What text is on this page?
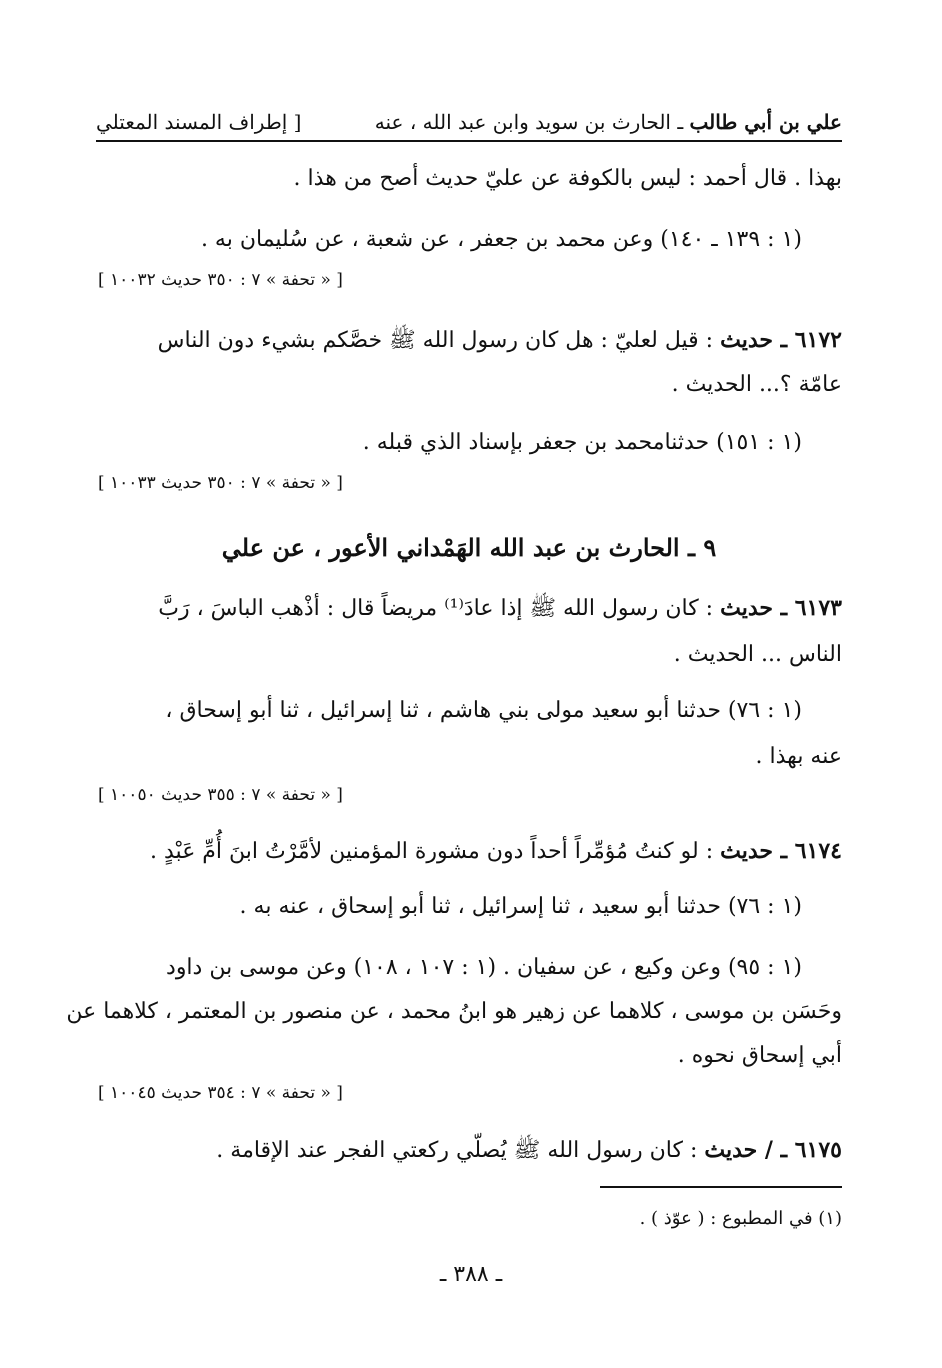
علي بن أبي طالب ـ الحارث بن سويد وابن عبد الله ، عنه
[ إطراف المسند المعتلي
بهذا . قال أحمد : ليس بالكوفة عن عليّ حديث أصح من هذا .
(١ : ١٣٩ ـ ١٤٠) وعن محمد بن جعفر ، عن شعبة ، عن سُليمان به .
[ « تحفة » ٧ : ٣٥٠ حديث ١٠٠٣٢ ]
٦١٧٢ ـ حديث : قيل لعليّ : هل كان رسول الله ﷺ خصَّكم بشيء دون الناس
عامّة ؟... الحديث .
(١ : ١٥١) حدثنامحمد بن جعفر بإسناد الذي قبله .
[ « تحفة » ٧ : ٣٥٠ حديث ١٠٠٣٣ ]
٩ ـ الحارث بن عبد الله الهَمْداني الأعور ، عن علي
٦١٧٣ ـ حديث : كان رسول الله ﷺ إذا عادَ⁽¹⁾ مريضاً قال : أذْهب الباسَ ، رَبَّ
الناس ... الحديث .
(١ : ٧٦) حدثنا أبو سعيد مولى بني هاشم ، ثنا إسرائيل ، ثنا أبو إسحاق ،
عنه بهذا .
[ « تحفة » ٧ : ٣٥٥ حديث ١٠٠٥٠ ]
٦١٧٤ ـ حديث : لو كنتُ مُؤمِّراً أحداً دون مشورة المؤمنين لأمَّرْتُ ابنَ أُمِّ عَبْدٍ .
(١ : ٧٦) حدثنا أبو سعيد ، ثنا إسرائيل ، ثنا أبو إسحاق ، عنه به .
(١ : ٩٥) وعن وكيع ، عن سفيان . (١ : ١٠٧ ، ١٠٨) وعن موسى بن داود
وحَسَن بن موسى ، كلاهما عن زهير هو ابنُ محمد ، عن منصور بن المعتمر ، كلاهما عن
أبي إسحاق نحوه .
[ « تحفة » ٧ : ٣٥٤ حديث ١٠٠٤٥ ]
٦١٧٥ ـ / حديث : كان رسول الله ﷺ يُصلّي ركعتي الفجر عند الإقامة .
(١) في المطبوع : ( عوّذ ) .
ـ ٣٨٨ ـ
